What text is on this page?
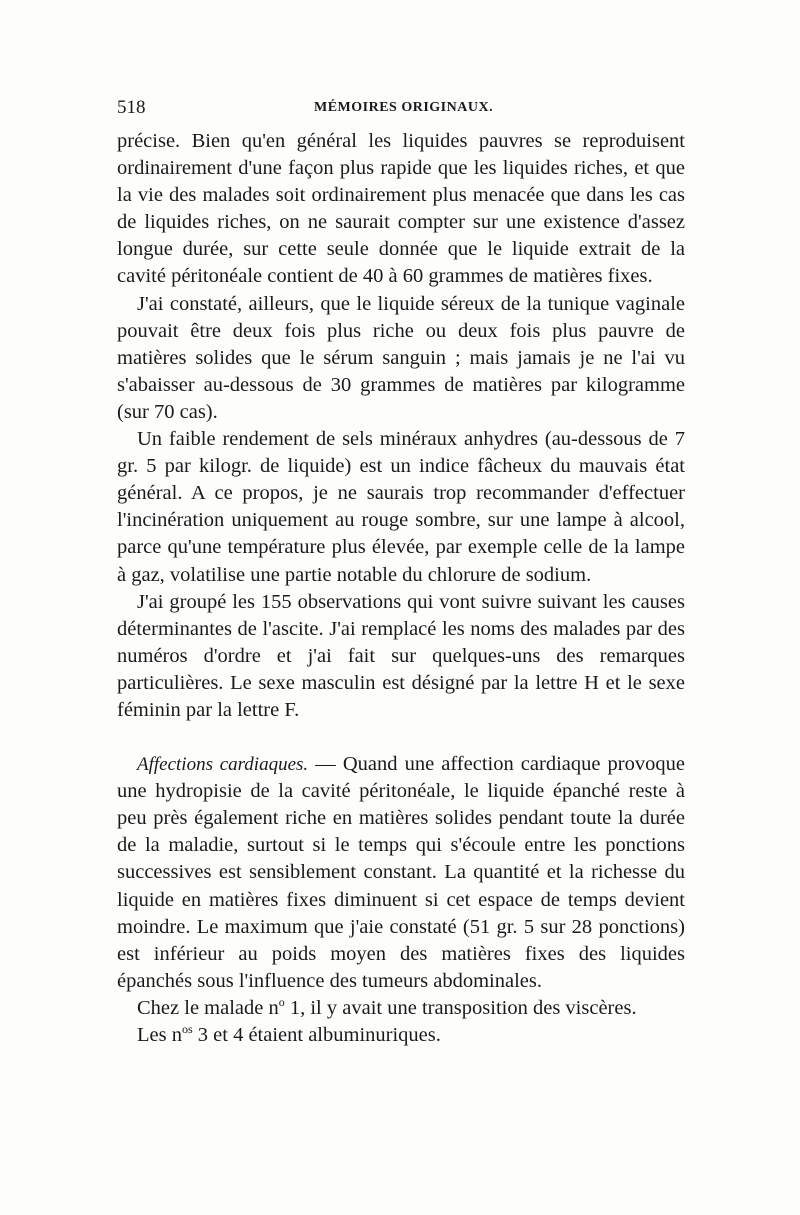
518	MÉMOIRES ORIGINAUX.

précise. Bien qu'en général les liquides pauvres se reproduisent ordinairement d'une façon plus rapide que les liquides riches, et que la vie des malades soit ordinairement plus menacée que dans les cas de liquides riches, on ne saurait compter sur une existence d'assez longue durée, sur cette seule donnée que le liquide extrait de la cavité péritonéale contient de 40 à 60 grammes de matières fixes.

J'ai constaté, ailleurs, que le liquide séreux de la tunique vaginale pouvait être deux fois plus riche ou deux fois plus pauvre de matières solides que le sérum sanguin ; mais jamais je ne l'ai vu s'abaisser au-dessous de 30 grammes de matières par kilogramme (sur 70 cas).

Un faible rendement de sels minéraux anhydres (au-dessous de 7 gr. 5 par kilogr. de liquide) est un indice fâcheux du mauvais état général. A ce propos, je ne saurais trop recommander d'effectuer l'incinération uniquement au rouge sombre, sur une lampe à alcool, parce qu'une température plus élevée, par exemple celle de la lampe à gaz, volatilise une partie notable du chlorure de sodium.

J'ai groupé les 155 observations qui vont suivre suivant les causes déterminantes de l'ascite. J'ai remplacé les noms des malades par des numéros d'ordre et j'ai fait sur quelques-uns des remarques particulières. Le sexe masculin est désigné par la lettre H et le sexe féminin par la lettre F.

Affections cardiaques. — Quand une affection cardiaque provoque une hydropisie de la cavité péritonéale, le liquide épanché reste à peu près également riche en matières solides pendant toute la durée de la maladie, surtout si le temps qui s'écoule entre les ponctions successives est sensiblement constant. La quantité et la richesse du liquide en matières fixes diminuent si cet espace de temps devient moindre. Le maximum que j'aie constaté (51 gr. 5 sur 28 ponctions) est inférieur au poids moyen des matières fixes des liquides épanchés sous l'influence des tumeurs abdominales.

Chez le malade $n^o$ 1, il y avait une transposition des viscères.

Les $n^{os}$ 3 et 4 étaient albuminuriques.
